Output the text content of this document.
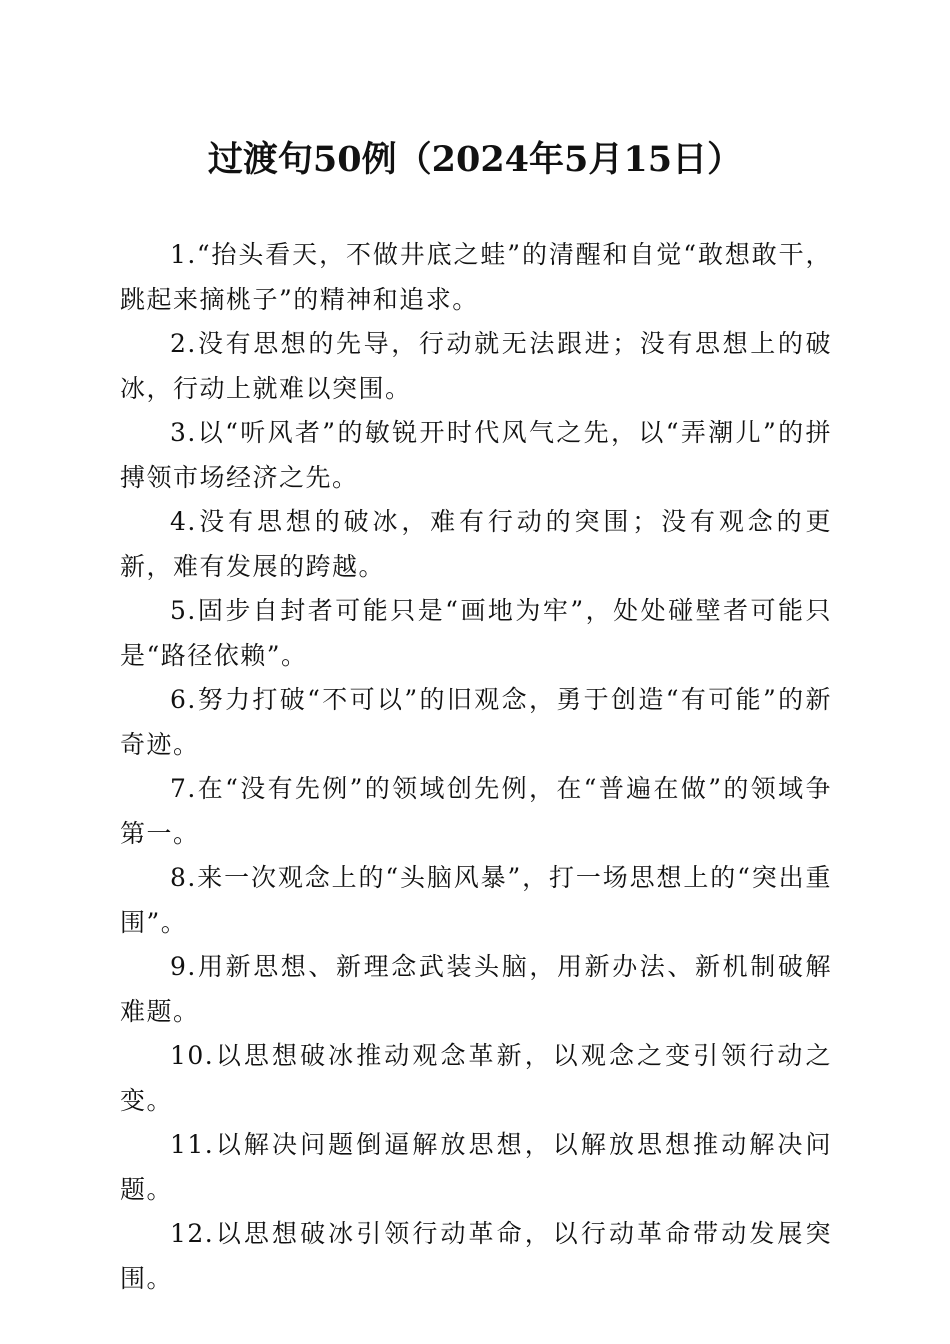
过渡句50例（2024年5月15日）

1.“抬头看天，不做井底之蛙”的清醒和自觉“敢想敢干，跳起来摘桃子”的精神和追求。

2.没有思想的先导，行动就无法跟进；没有思想上的破冰，行动上就难以突围。

3.以“听风者”的敏锐开时代风气之先，以“弄潮儿”的拼搏领市场经济之先。

4.没有思想的破冰，难有行动的突围；没有观念的更新，难有发展的跨越。

5.固步自封者可能只是“画地为牢”，处处碰壁者可能只是“路径依赖”。

6.努力打破“不可以”的旧观念，勇于创造“有可能”的新奇迹。

7.在“没有先例”的领域创先例，在“普遍在做”的领域争第一。

8.来一次观念上的“头脑风暴”，打一场思想上的“突出重围”。

9.用新思想、新理念武装头脑，用新办法、新机制破解难题。

10.以思想破冰推动观念革新，以观念之变引领行动之变。

11.以解决问题倒逼解放思想，以解放思想推动解决问题。

12.以思想破冰引领行动革命，以行动革命带动发展突围。
